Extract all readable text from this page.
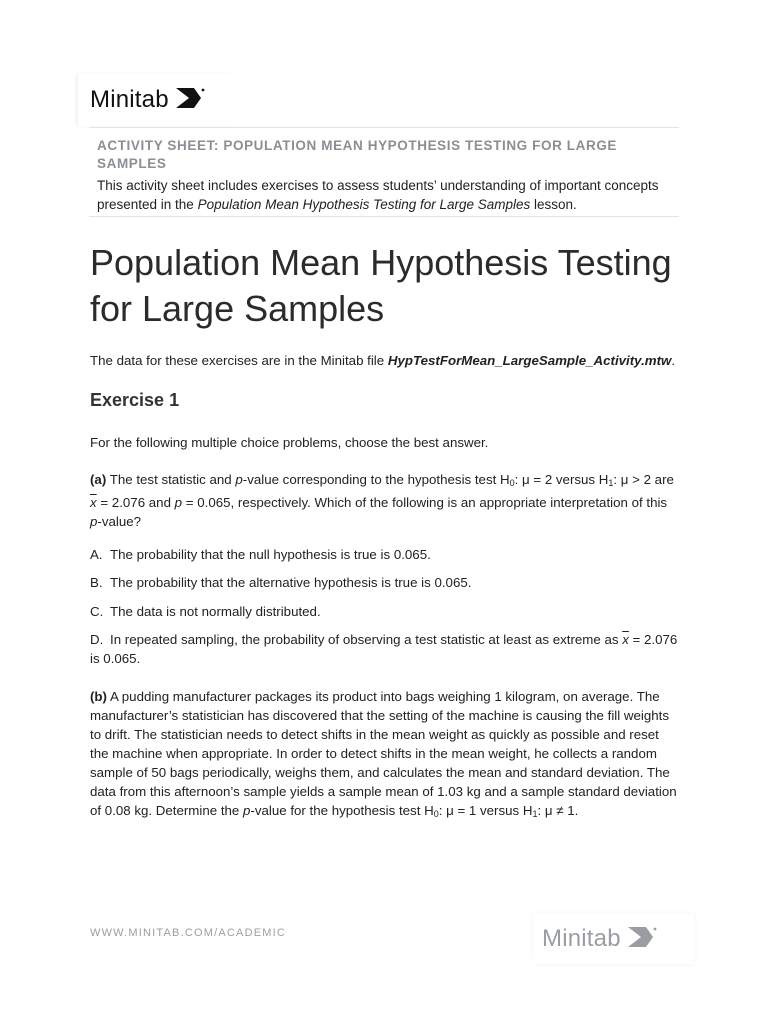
Minitab
ACTIVITY SHEET: POPULATION MEAN HYPOTHESIS TESTING FOR LARGE SAMPLES
This activity sheet includes exercises to assess students’ understanding of important concepts presented in the Population Mean Hypothesis Testing for Large Samples lesson.
Population Mean Hypothesis Testing for Large Samples
The data for these exercises are in the Minitab file HypTestForMean_LargeSample_Activity.mtw.
Exercise 1
For the following multiple choice problems, choose the best answer.
(a) The test statistic and p-value corresponding to the hypothesis test $H_0$: μ = 2 versus $H_1$: μ > 2 are $\overline{x} = 2.076$ and p = 0.065, respectively. Which of the following is an appropriate interpretation of this p-value?
A. The probability that the null hypothesis is true is 0.065.
B. The probability that the alternative hypothesis is true is 0.065.
C. The data is not normally distributed.
D. In repeated sampling, the probability of observing a test statistic at least as extreme as $\overline{x} = 2.076$ is 0.065.
(b) A pudding manufacturer packages its product into bags weighing 1 kilogram, on average. The manufacturer’s statistician has discovered that the setting of the machine is causing the fill weights to drift. The statistician needs to detect shifts in the mean weight as quickly as possible and reset the machine when appropriate. In order to detect shifts in the mean weight, he collects a random sample of 50 bags periodically, weighs them, and calculates the mean and standard deviation. The data from this afternoon’s sample yields a sample mean of 1.03 kg and a sample standard deviation of 0.08 kg. Determine the p-value for the hypothesis test $H_0$: μ = 1 versus $H_1$: μ ≠ 1.
WWW.MINITAB.COM/ACADEMIC	Minitab
